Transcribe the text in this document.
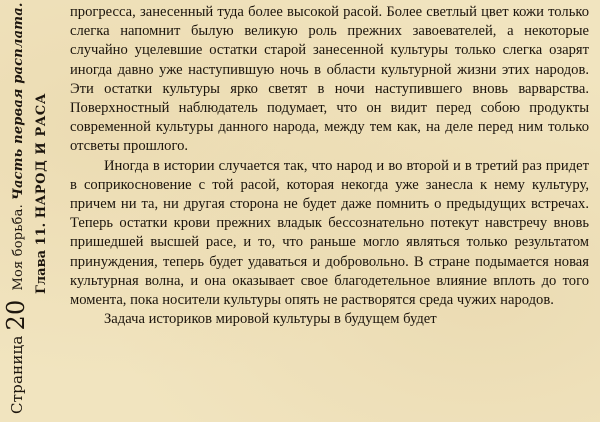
Страница20Моя борьба.Часть первая расплата.
Глава 11. НАРОД И РАСА

прогресса, занесенный туда более высокой расой. Более светлый цвет кожи только слегка напомнит былую великую роль прежних завоевателей, а некоторые случайно уцелевшие остатки старой занесенной культуры только слегка озарят иногда давно уже наступившую ночь в области культурной жизни этих народов. Эти остатки культуры ярко светят в ночи наступившего вновь варварства. Поверхностный наблюдатель подумает, что он видит перед собою продукты современной культуры данного народа, между тем как, на деле перед ним только отсветы прошлого.

Иногда в истории случается так, что народ и во второй и в третий раз придет в соприкосновение с той расой, которая некогда уже занесла к нему культуру, причем ни та, ни другая сторона не будет даже помнить о предыдущих встречах. Теперь остатки крови прежних владык бессознательно потекут навстречу вновь пришедшей высшей расе, и то, что раньше могло являться только результатом принуждения, теперь будет удаваться и добровольно. В стране подымается новая культурная волна, и она оказывает свое благодетельное влияние вплоть до того момента, пока носители культуры опять не растворятся среда чужих народов.

Задача историков мировой культуры в будущем будет
